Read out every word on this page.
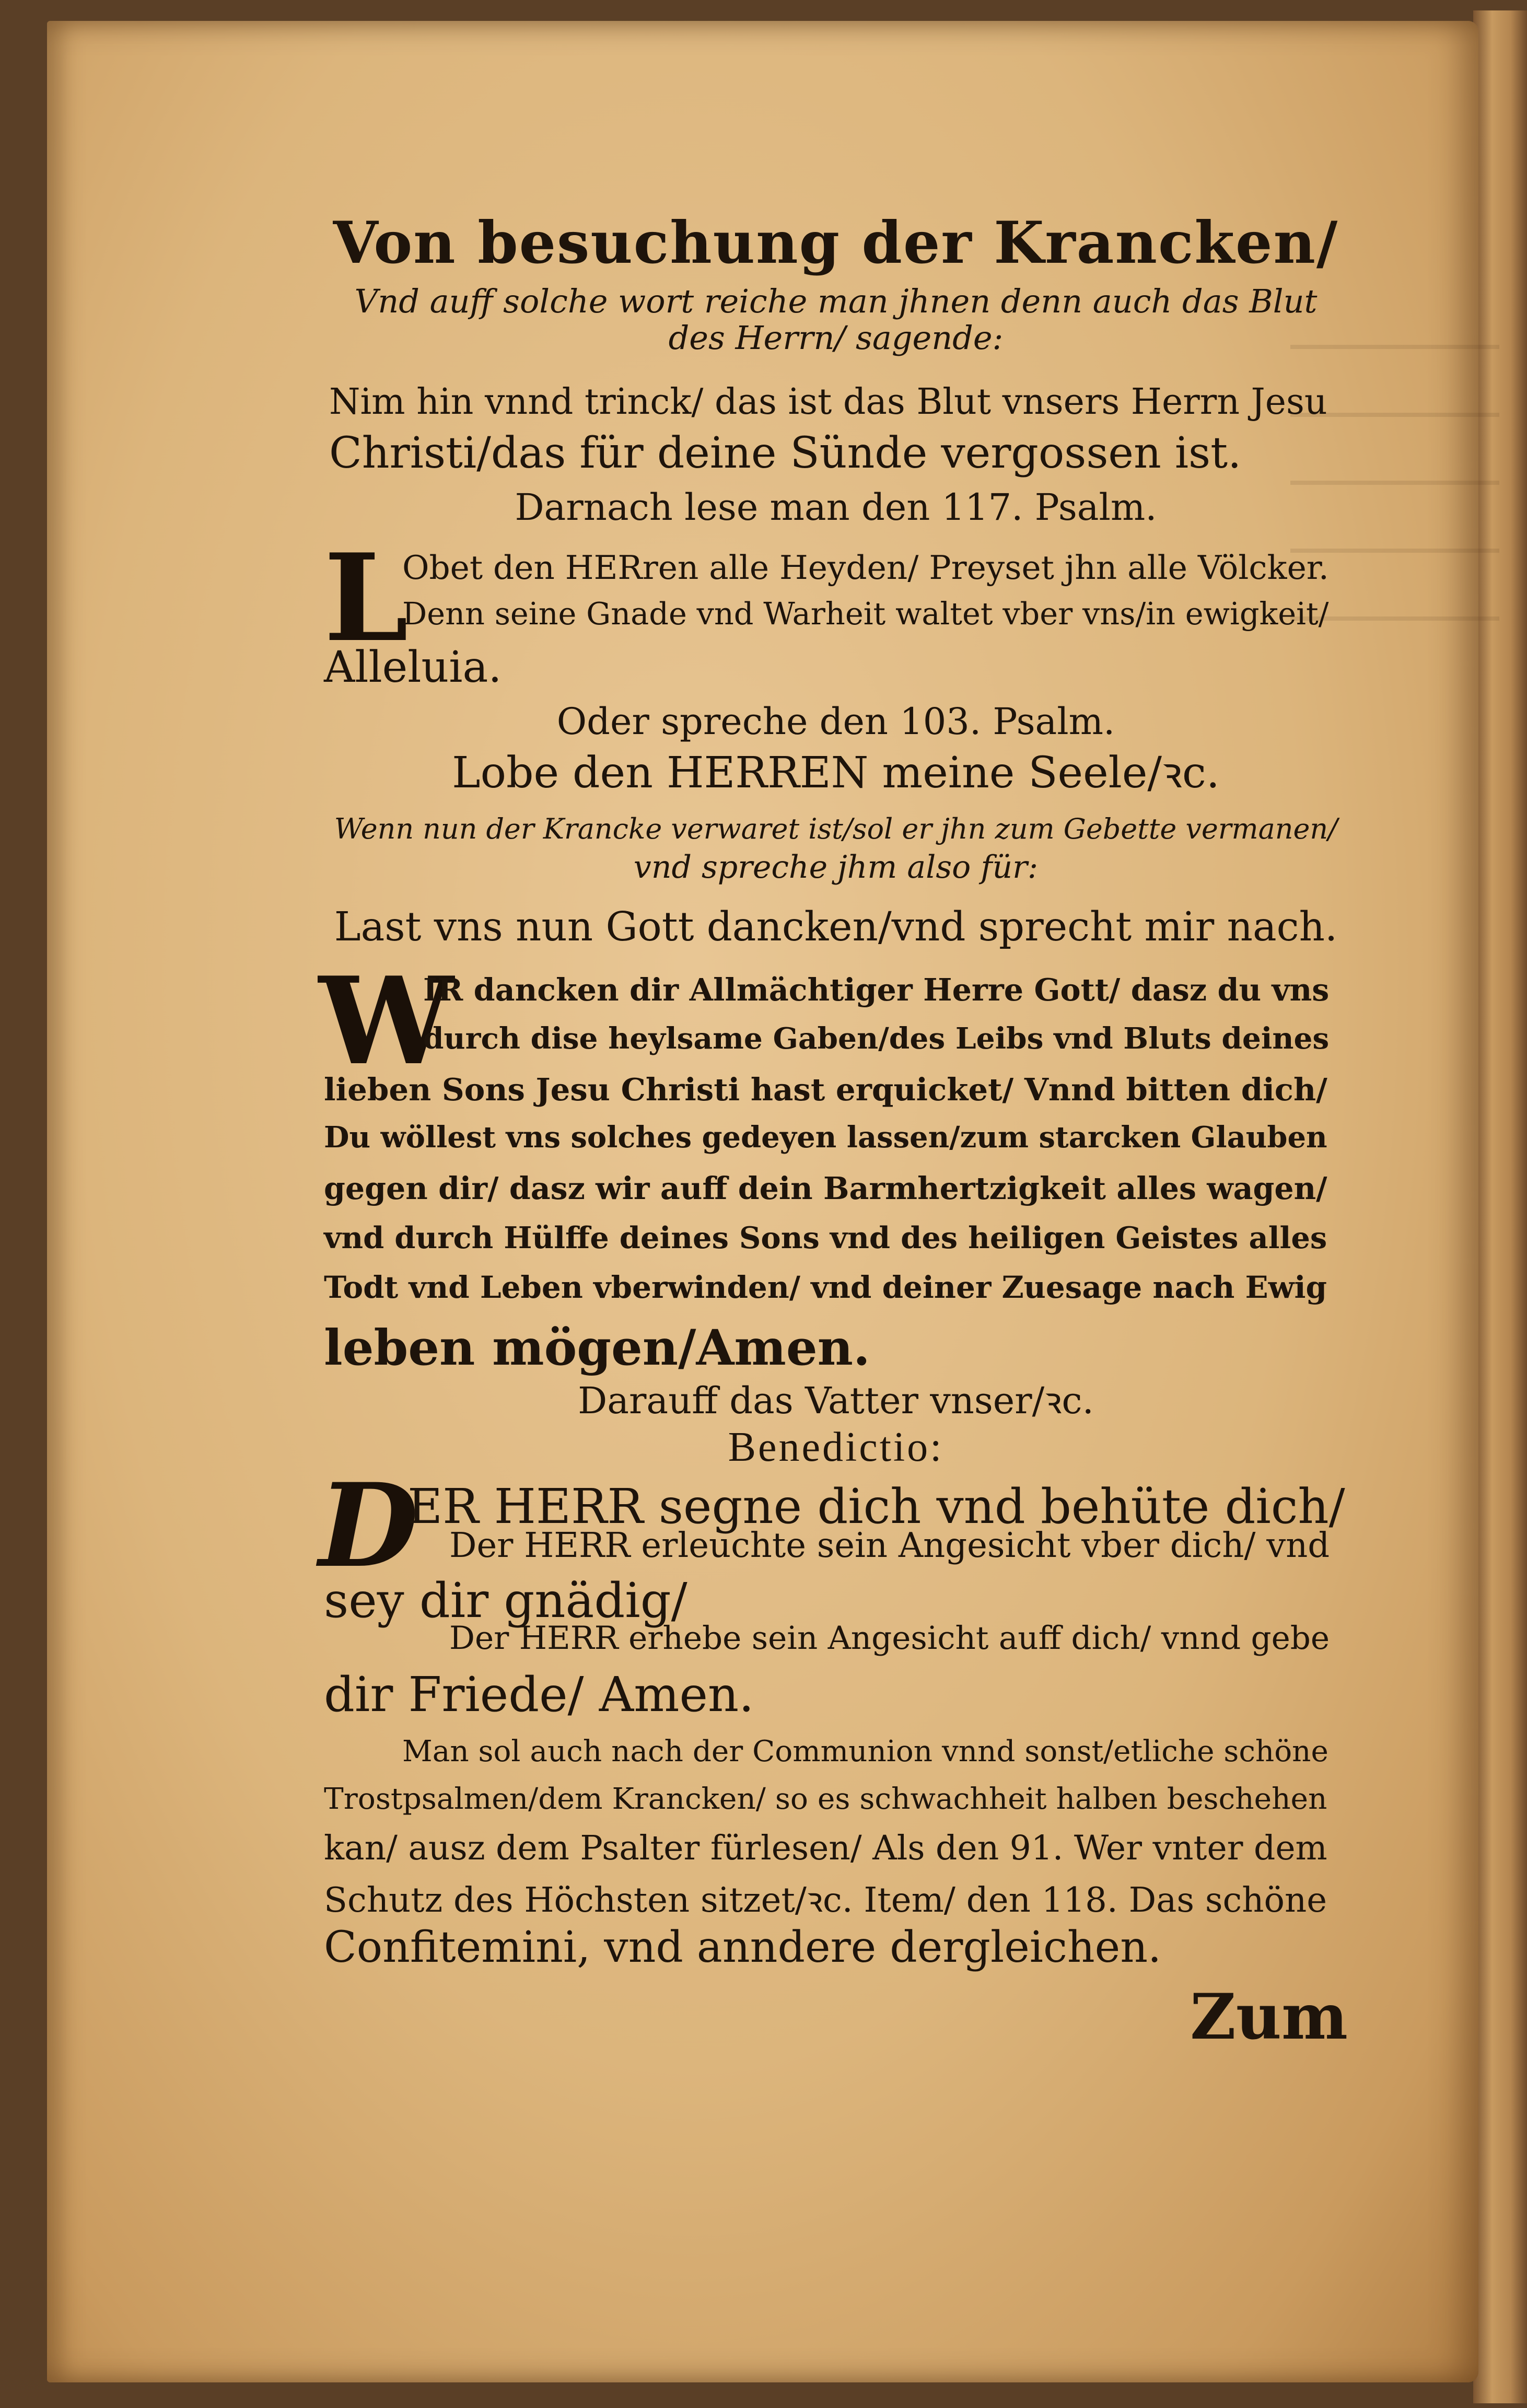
Von besuchung der Krancken/
Vnd auff solche wort reiche man jhnen denn auch das Blut
des Herrn/ sagende:
Nim hin vnnd trinck/ das ist das Blut vnsers Herrn Jesu
Christi/das für deine Sünde vergossen ist.
Darnach lese man den 117. Psalm.
L
Obet den HERren alle Heyden/ Preyset jhn alle Völcker.
Denn seine Gnade vnd Warheit waltet vber vns/in ewigkeit/
Alleluia.
Oder spreche den 103. Psalm.
Lobe den HERREN meine Seele/ꝛc.
Wenn nun der Krancke verwaret ist/sol er jhn zum Gebette vermanen/
vnd spreche jhm also für:
Last vns nun Gott dancken/vnd sprecht mir nach.
W
IR dancken dir Allmächtiger Herre Gott/ dasz du vns
durch dise heylsame Gaben/des Leibs vnd Bluts deines
lieben Sons Jesu Christi hast erquicket/ Vnnd bitten dich/
Du wöllest vns solches gedeyen lassen/zum starcken Glauben
gegen dir/ dasz wir auff dein Barmhertzigkeit alles wagen/
vnd durch Hülffe deines Sons vnd des heiligen Geistes alles
Todt vnd Leben vberwinden/ vnd deiner Zuesage nach Ewig
leben mögen/Amen.
Darauff das Vatter vnser/ꝛc.
Benedictio:
D
ER HERR segne dich vnd behüte dich/
Der HERR erleuchte sein Angesicht vber dich/ vnd
sey dir gnädig/
Der HERR erhebe sein Angesicht auff dich/ vnnd gebe
dir Friede/ Amen.
Man sol auch nach der Communion vnnd sonst/etliche schöne
Trostpsalmen/dem Krancken/ so es schwachheit halben beschehen
kan/ ausz dem Psalter fürlesen/ Als den 91. Wer vnter dem
Schutz des Höchsten sitzet/ꝛc. Item/ den 118. Das schöne
Confitemini, vnd anndere dergleichen.
Zum
